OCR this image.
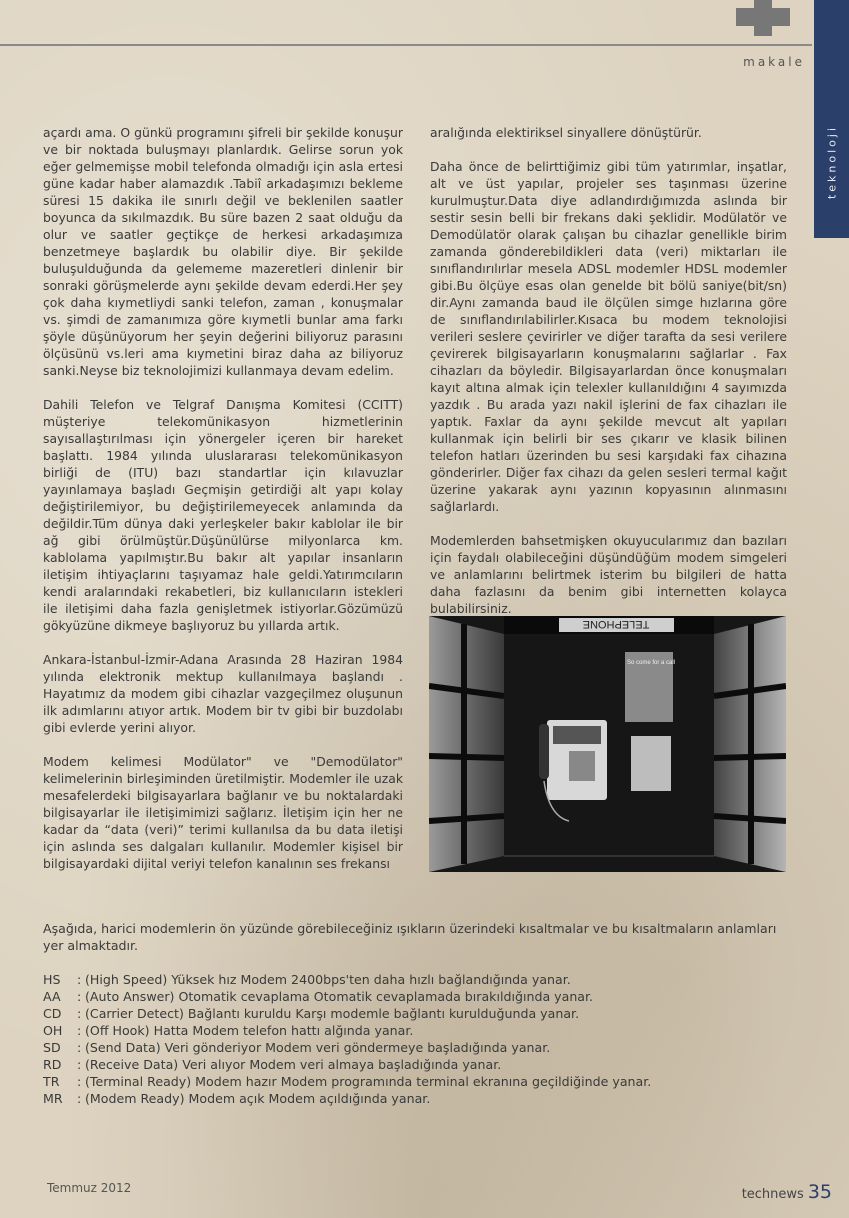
makale
teknoloji

açardı ama. O günkü programını şifreli bir şekilde konuşur ve bir noktada buluşmayı planlardık. Gelirse sorun yok eğer gelmemişse mobil telefonda olmadığı için asla ertesi güne kadar haber alamazdık .Tabiî arkadaşımızı bekleme süresi 15 dakika ile sınırlı değil ve beklenilen saatler boyunca da sıkılmazdık. Bu süre bazen 2 saat olduğu da olur ve saatler geçtikçe de herkesi arkadaşımıza benzetmeye başlardık bu olabilir diye. Bir şekilde buluşulduğunda da gelememe mazeretleri dinlenir bir sonraki görüşmelerde aynı şekilde devam ederdi.Her şey çok daha kıymetliydi sanki telefon, zaman , konuşmalar vs. şimdi de zamanımıza göre kıymetli bunlar ama farkı şöyle düşünüyorum her şeyin değerini biliyoruz parasını ölçüsünü vs.leri ama kıymetini biraz daha az biliyoruz sanki.Neyse biz teknolojimizi kullanmaya devam edelim.

Dahili Telefon ve Telgraf Danışma Komitesi (CCITT) müşteriye telekomünikasyon hizmetlerinin sayısallaştırılması için yönergeler içeren bir hareket başlattı. 1984 yılında uluslararası telekomünikasyon birliği de (ITU) bazı standartlar için kılavuzlar yayınlamaya başladı Geçmişin getirdiği alt yapı kolay değiştirilemiyor, bu değiştirilemeyecek anlamında da değildir.Tüm dünya daki yerleşkeler bakır kablolar ile bir ağ gibi örülmüştür.Düşünülürse milyonlarca km. kablolama yapılmıştır.Bu bakır alt yapılar insanların iletişim ihtiyaçlarını taşıyamaz hale geldi.Yatırımcıların kendi aralarındaki rekabetleri, biz kullanıcıların istekleri ile iletişimi daha fazla genişletmek istiyorlar.Gözümüzü gökyüzüne dikmeye başlıyoruz bu yıllarda artık.

Ankara-İstanbul-İzmir-Adana Arasında 28 Haziran 1984 yılında elektronik mektup kullanılmaya başlandı . Hayatımız da modem gibi cihazlar vazgeçilmez oluşunun ilk adımlarını atıyor artık. Modem bir tv gibi bir buzdolabı gibi evlerde yerini alıyor.

Modem kelimesi Modülator" ve "Demodülator" kelimelerinin birleşiminden üretilmiştir. Modemler ile uzak mesafelerdeki bilgisayarlara bağlanır ve bu noktalardaki bilgisayarlar ile iletişimimizi sağlarız. İletişim için her ne kadar da “data (veri)” terimi kullanılsa da bu data iletişi için aslında ses dalgaları kullanılır. Modemler kişisel bir bilgisayardaki dijital veriyi telefon kanalının ses frekansı

aralığında elektiriksel sinyallere dönüştürür.

Daha önce de belirttiğimiz gibi tüm yatırımlar, inşatlar, alt ve üst yapılar, projeler ses taşınması üzerine kurulmuştur.Data diye adlandırdığımızda aslında bir sestir sesin belli bir frekans daki şeklidir. Modülatör ve Demodülatör olarak çalışan bu cihazlar genellikle birim zamanda gönderebildikleri data (veri) miktarları ile sınıflandırılırlar mesela ADSL modemler HDSL modemler gibi.Bu ölçüye esas olan genelde bit bölü saniye(bit/sn) dir.Aynı zamanda baud ile ölçülen simge hızlarına göre de sınıflandırılabilirler.Kısaca bu modem teknolojisi verileri seslere çevirirler ve diğer tarafta da sesi verilere çevirerek bilgisayarların konuşmalarını sağlarlar . Fax cihazları da böyledir. Bilgisayarlardan önce konuşmaları kayıt altına almak için telexler kullanıldığını 4 sayımızda yazdık . Bu arada yazı nakil işlerini de fax cihazları ile yaptık. Faxlar da aynı şekilde mevcut alt yapıları kullanmak için belirli bir ses çıkarır ve klasik bilinen telefon hatları üzerinden bu sesi karşıdaki fax cihazına gönderirler. Diğer fax cihazı da gelen sesleri termal kağıt üzerine yakarak aynı yazının kopyasının alınmasını sağlarlardı.

Modemlerden bahsetmişken okuyucularımız dan bazıları için faydalı olabileceğini düşündüğüm modem simgeleri ve anlamlarını belirtmek isterim bu bilgileri de hatta daha fazlasını da benim gibi internetten kolayca bulabilirsiniz.

TELEPHONE
So come for a call

Aşağıda, harici modemlerin ön yüzünde görebileceğiniz ışıkların üzerindeki kısaltmalar ve bu kısaltmaların anlamları yer almaktadır.

HS	: (High Speed) Yüksek hız Modem 2400bps'ten daha hızlı bağlandığında yanar.
AA	: (Auto Answer) Otomatik cevaplama Otomatik cevaplamada bırakıldığında yanar.
CD	: (Carrier Detect) Bağlantı kuruldu Karşı modemle bağlantı kurulduğunda yanar.
OH	: (Off Hook) Hatta Modem telefon hattı alğında yanar.
SD	: (Send Data) Veri gönderiyor Modem veri göndermeye başladığında yanar.
RD	: (Receive Data) Veri alıyor Modem veri almaya başladığında yanar.
TR	: (Terminal Ready) Modem hazır Modem programında terminal ekranına geçildiğinde yanar.
MR	: (Modem Ready) Modem açık Modem açıldığında yanar.
Temmuz 2012	technews 35
